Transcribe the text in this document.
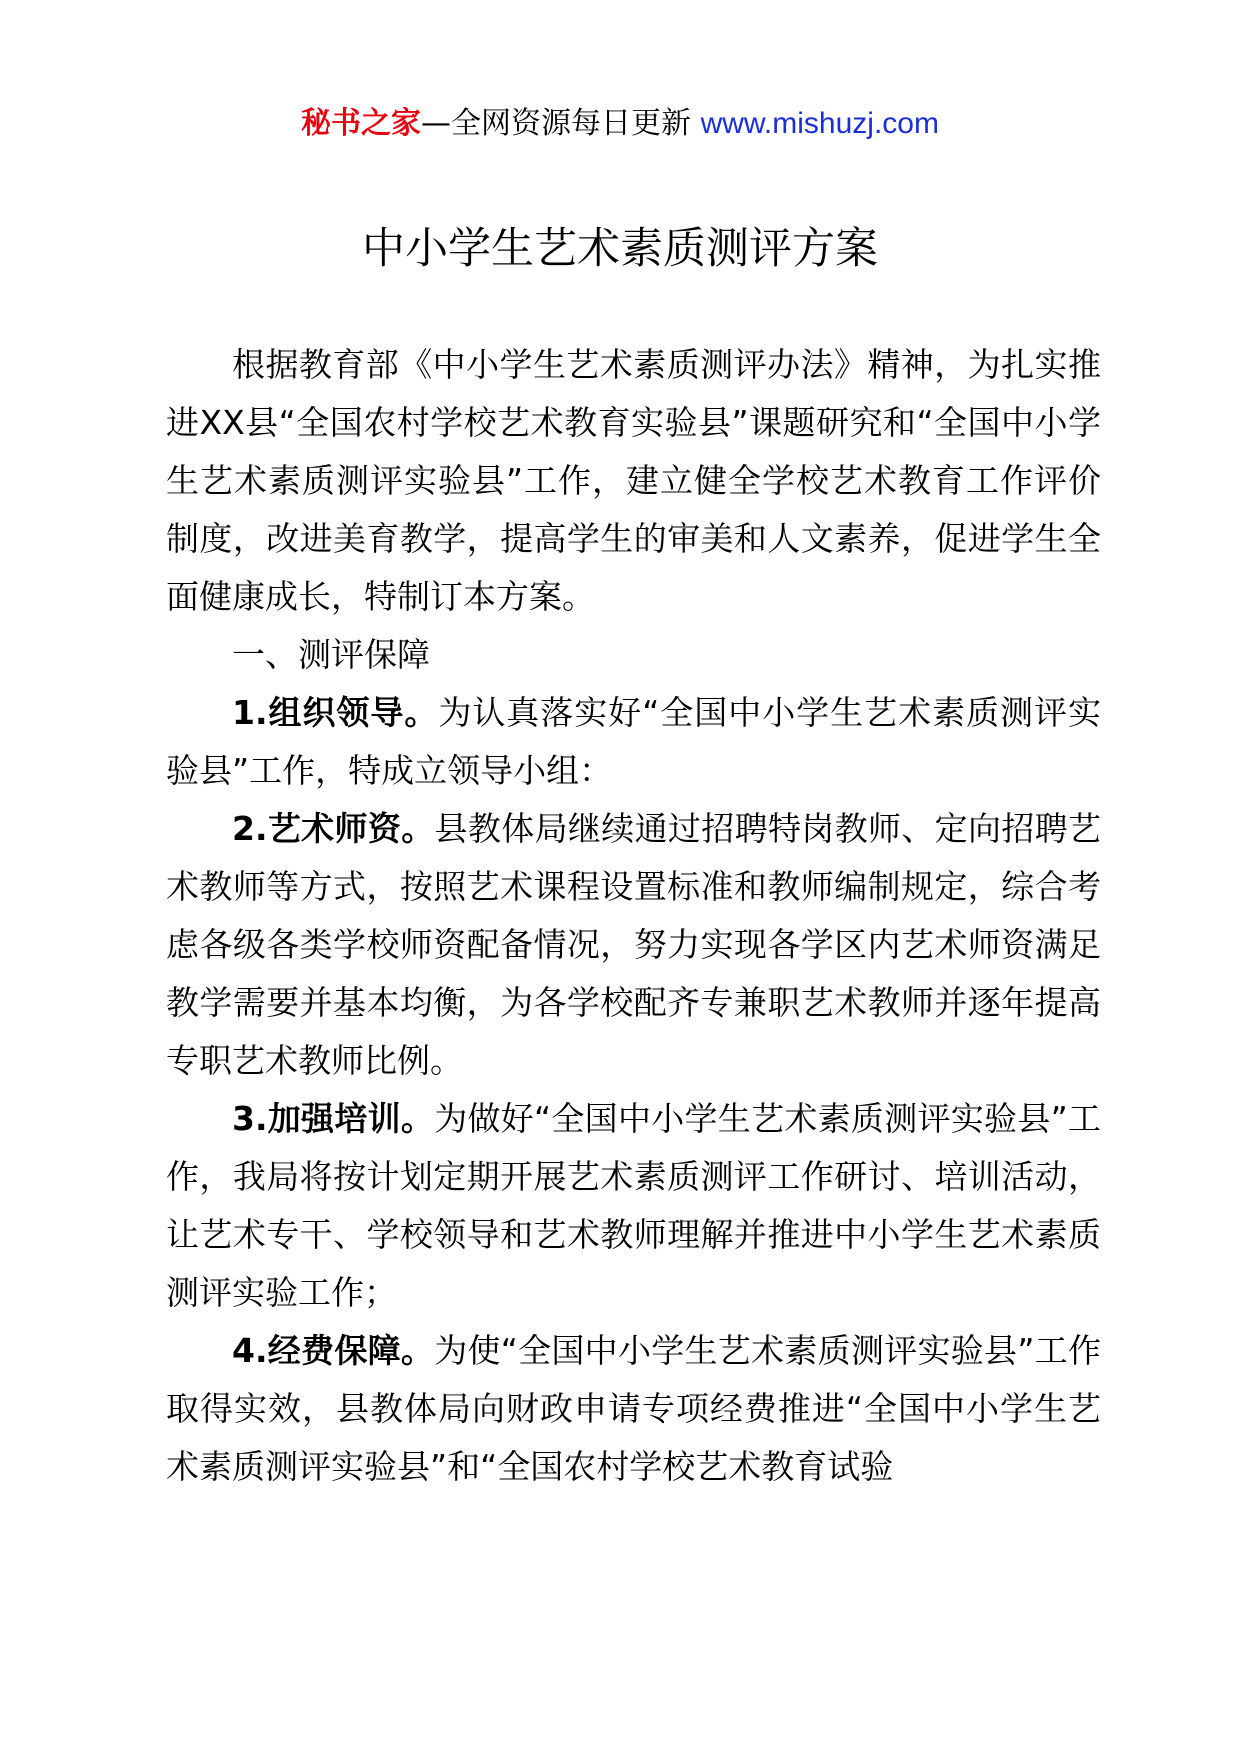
秘书之家—全网资源每日更新 www.mishuzj.com
中小学生艺术素质测评方案

根据教育部《中小学生艺术素质测评办法》精神，为扎实推进XX县“全国农村学校艺术教育实验县”课题研究和“全国中小学生艺术素质测评实验县”工作，建立健全学校艺术教育工作评价制度，改进美育教学，提高学生的审美和人文素养，促进学生全面健康成长，特制订本方案。

一、测评保障

1.组织领导。为认真落实好“全国中小学生艺术素质测评实验县”工作，特成立领导小组：

2.艺术师资。县教体局继续通过招聘特岗教师、定向招聘艺术教师等方式，按照艺术课程设置标准和教师编制规定，综合考虑各级各类学校师资配备情况，努力实现各学区内艺术师资满足教学需要并基本均衡，为各学校配齐专兼职艺术教师并逐年提高专职艺术教师比例。

3.加强培训。为做好“全国中小学生艺术素质测评实验县”工作，我局将按计划定期开展艺术素质测评工作研讨、培训活动，让艺术专干、学校领导和艺术教师理解并推进中小学生艺术素质测评实验工作；

4.经费保障。为使“全国中小学生艺术素质测评实验县”工作取得实效，县教体局向财政申请专项经费推进“全国中小学生艺术素质测评实验县”和“全国农村学校艺术教育试验
